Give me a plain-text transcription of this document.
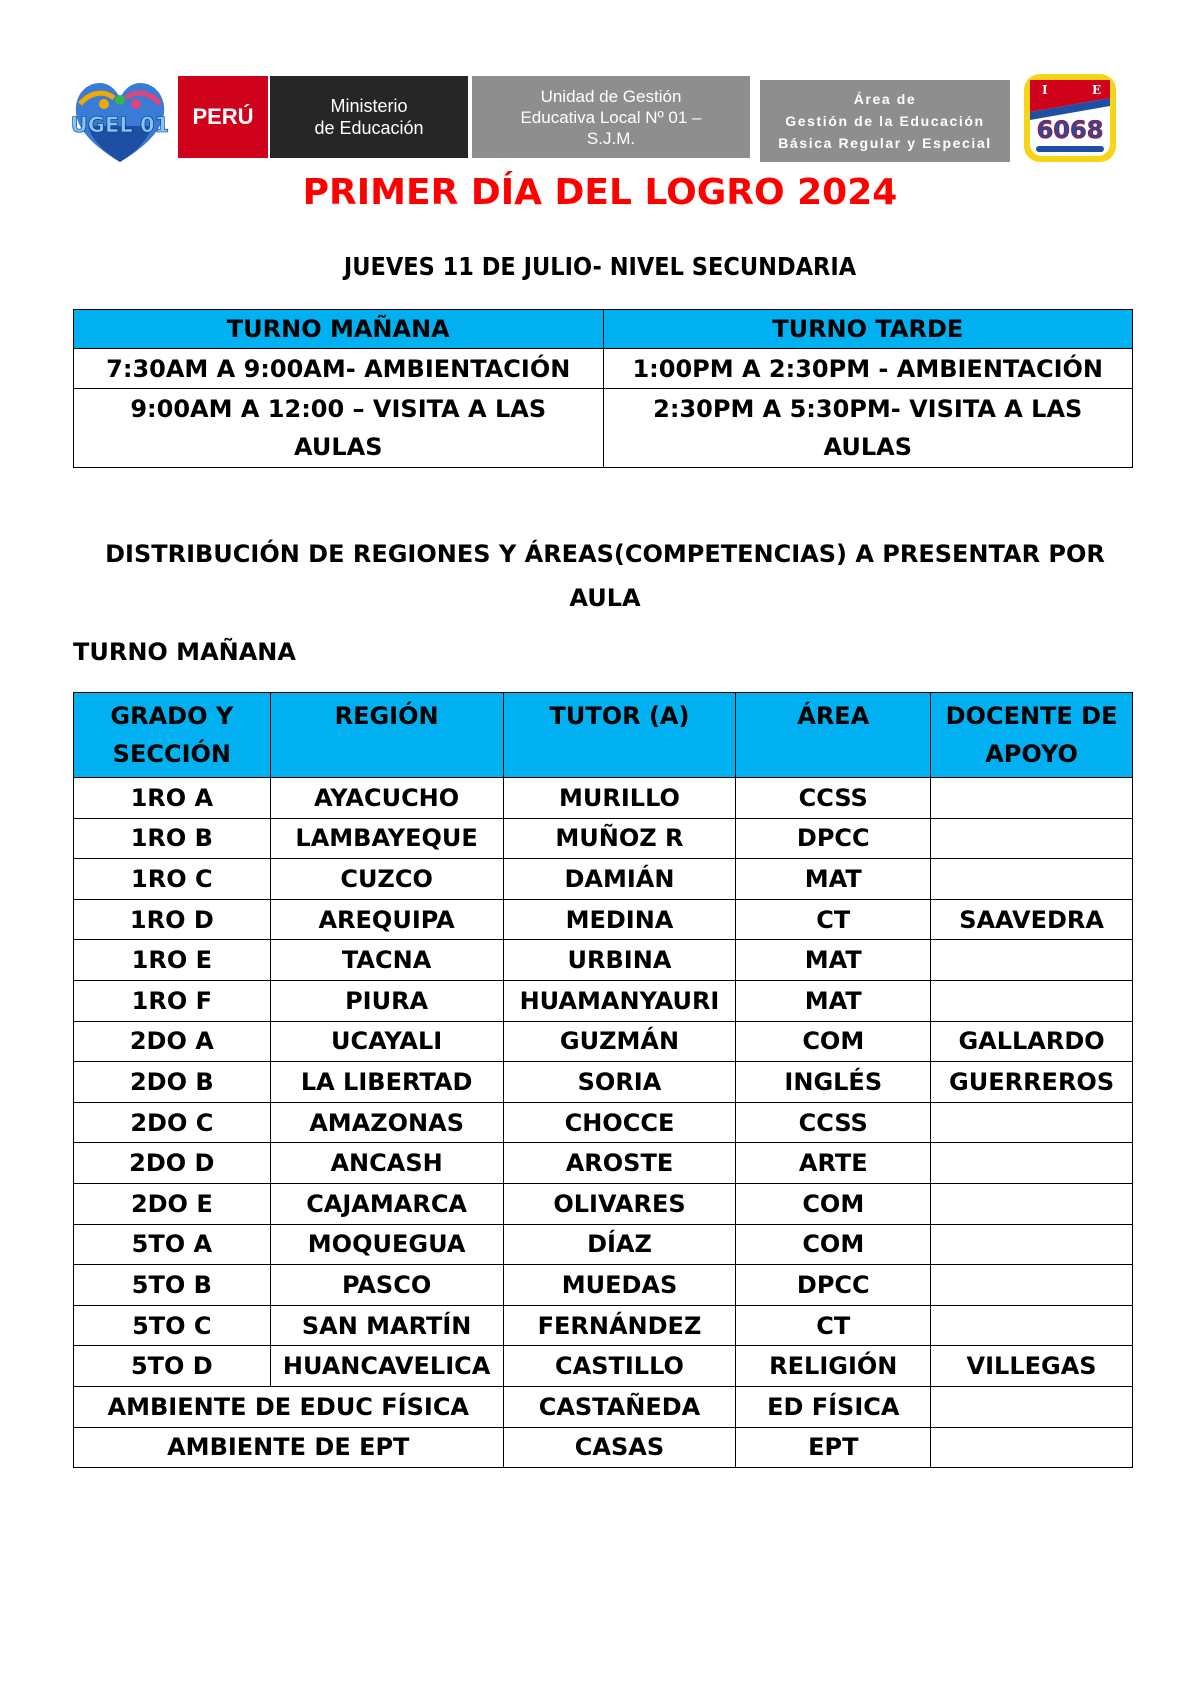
UGEL 01 PERÚ	Ministerio
de Educación
Unidad de Gestión
Educativa Local Nº 01 –
S.J.M.
Área de
Gestión de la Educación
Básica Regular y Especial
I	E
6068
PRIMER DÍA DEL LOGRO 2024
JUEVES 11 DE JULIO- NIVEL SECUNDARIA
TURNO MAÑANA	TURNO TARDE
7:30AM A 9:00AM- AMBIENTACIÓN	1:00PM A 2:30PM - AMBIENTACIÓN

9:00AM A 12:00 – VISITA A LAS AULAS	2:30PM A 5:30PM- VISITA A LAS AULAS
DISTRIBUCIÓN DE REGIONES Y ÁREAS(COMPETENCIAS) A PRESENTAR POR AULA
TURNO MAÑANA
GRADO Y SECCIÓN	REGIÓN	TUTOR (A)	ÁREA	DOCENTE DE APOYO

1RO A	AYACUCHO	MURILLO	CCSS	
1RO B	LAMBAYEQUE	MUÑOZ R	DPCC	
1RO C	CUZCO	DAMIÁN	MAT	
1RO D	AREQUIPA	MEDINA	CT	SAAVEDRA
1RO E	TACNA	URBINA	MAT	
1RO F	PIURA	HUAMANYAURI	MAT	
2DO A	UCAYALI	GUZMÁN	COM	GALLARDO
2DO B	LA LIBERTAD	SORIA	INGLÉS	GUERREROS
2DO C	AMAZONAS	CHOCCE	CCSS	
2DO D	ANCASH	AROSTE	ARTE	
2DO E	CAJAMARCA	OLIVARES	COM	
5TO A	MOQUEGUA	DÍAZ	COM	
5TO B	PASCO	MUEDAS	DPCC	
5TO C	SAN MARTÍN	FERNÁNDEZ	CT	
5TO D	HUANCAVELICA	CASTILLO	RELIGIÓN	VILLEGAS
AMBIENTE DE EDUC FÍSICA		CASTAÑEDA	ED FÍSICA	
AMBIENTE DE EPT		CASAS	EPT	
